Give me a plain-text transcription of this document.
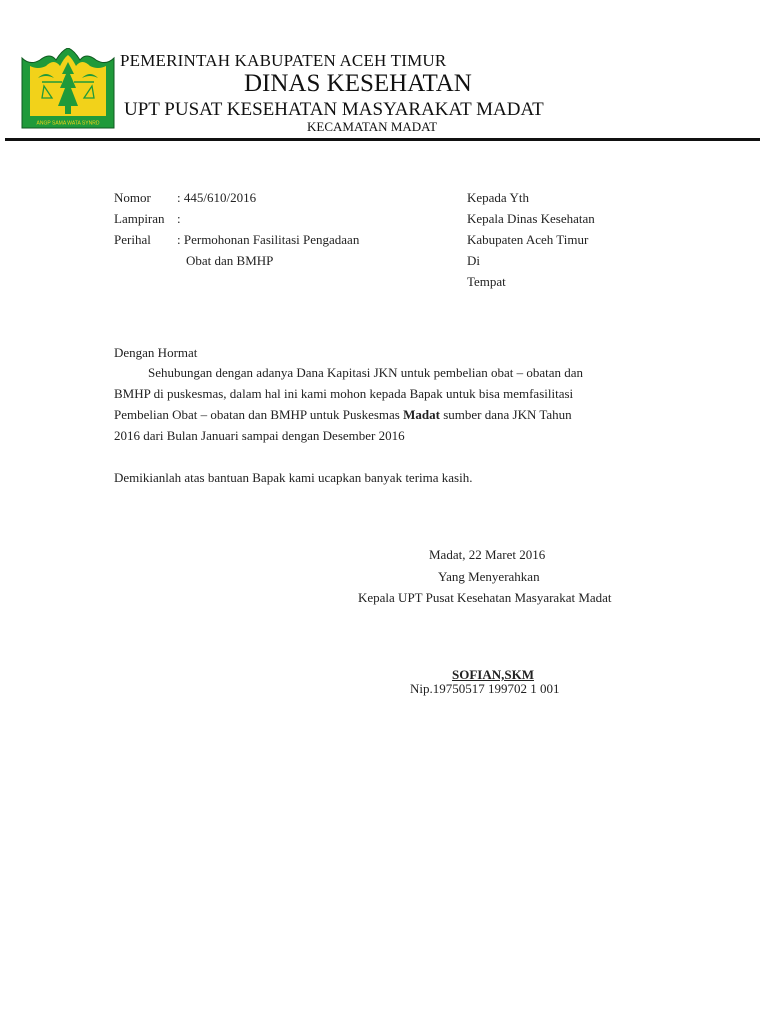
ANGP SAMA WATA SYNRD
PEMERINTAH KABUPATEN ACEH TIMUR
DINAS KESEHATAN
UPT PUSAT KESEHATAN MASYARAKAT MADAT
KECAMATAN MADAT
Nomor : 445/610/2016
Lampiran :
Perihal : Permohonan Fasilitasi Pengadaan
Obat dan BMHP
Kepada Yth
Kepala Dinas Kesehatan
Kabupaten Aceh Timur
Di
Tempat
Dengan Hormat
Sehubungan dengan adanya Dana Kapitasi JKN untuk pembelian obat – obatan dan
BMHP di puskesmas, dalam hal ini kami mohon kepada Bapak untuk bisa memfasilitasi
Pembelian Obat – obatan dan BMHP untuk Puskesmas Madat sumber dana JKN Tahun
2016 dari Bulan Januari sampai dengan Desember 2016
Demikianlah atas bantuan Bapak kami ucapkan banyak terima kasih.
Madat, 22 Maret 2016
Yang Menyerahkan
Kepala UPT Pusat Kesehatan Masyarakat Madat
SOFIAN,SKM
Nip.19750517 199702 1 001
